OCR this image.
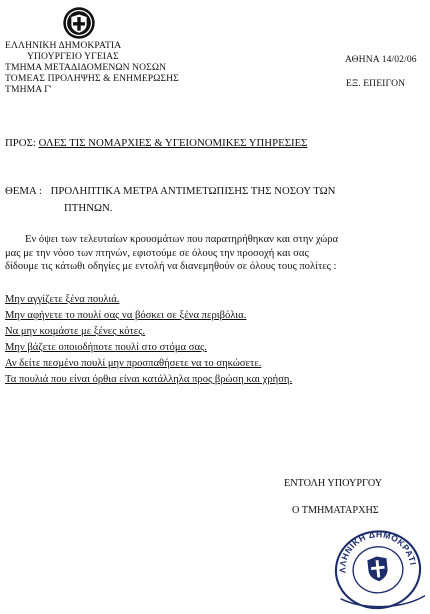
ΕΛΛΗΝΙΚΗ ΔΗΜΟΚΡΑΤΙΑ
ΥΠΟΥΡΓΕΙΟ ΥΓΕΙΑΣ
ΤΜΗΜΑ ΜΕΤΑΔΙΔΟΜΕΝΩΝ ΝΟΣΩΝ
ΤΟΜΕΑΣ ΠΡΟΛΗΨΗΣ & ΕΝΗΜΕΡΩΣΗΣ
ΤΜΗΜΑ Γ'
ΑΘΗΝΑ 14/02/06
ΕΞ. ΕΠΕΙΓΟΝ
ΠΡΟΣ: ΟΛΕΣ ΤΙΣ ΝΟΜΑΡΧΙΕΣ & ΥΓΕΙΟΝΟΜΙΚΕΣ ΥΠΗΡΕΣΙΕΣ
ΘΕΜΑ : ΠΡΟΛΗΠΤΙΚΑ ΜΕΤΡΑ ΑΝΤΙΜΕΤΩΠΙΣΗΣ ΤΗΣ ΝΟΣΟΥ ΤΩΝ
ΠΤΗΝΩΝ.
Εν όψει των τελευταίων κρουσμάτων που παρατηρήθηκαν και στην χώρα
μας με την νόσο των πτηνών, εφιστούμε σε όλους την προσοχή και σας
δίδουμε τις κάτωθι οδηγίες με εντολή να διανεμηθούν σε όλους τους πολίτες :
Μην αγγίζετε ξένα πουλιά.
Μην αφήνετε το πουλί σας να βόσκει σε ξένα περιβόλια.
Να μην κοιμάστε με ξένες κότες.
Μην βάζετε οποιοδήποτε πουλί στο στόμα σας.
Αν δείτε πεσμένο πουλί μην προσπαθήσετε να το σηκώσετε.
Τα πουλιά που είναι όρθια είναι κατάλληλα προς βρώση και χρήση.
ΕΝΤΟΛΗ ΥΠΟΥΡΓΟΥ
Ο ΤΜΗΜΑΤΑΡΧΗΣ
ΕΛΛΗΝΙΚΗ ΔΗΜΟΚΡΑΤΙΑ
